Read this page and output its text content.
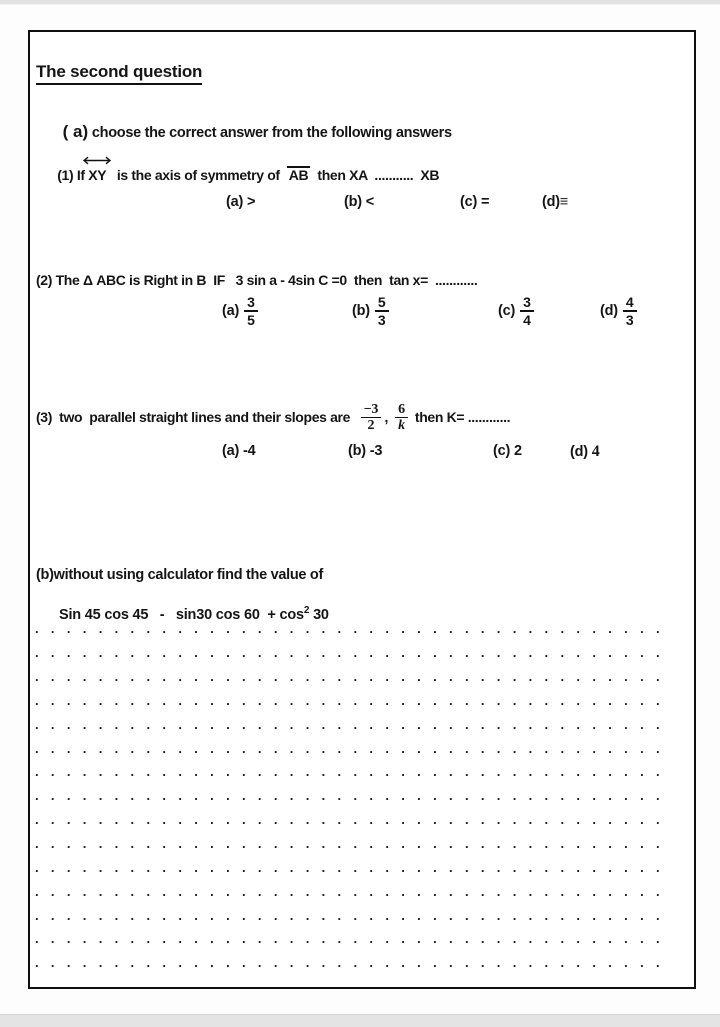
The second question

( a) choose the correct answer from the following answers

(1) If
XY   is the axis of symmetry of  AB  then XA  ...........  XB

(a) >	(b) <	(c) =	(d)≡
(2) The Δ ABC is Right in B  IF   3 sin a - 4sin C =0  then  tan x=  ............
$(a) \frac{3}{5}$	$(b) \frac{5}{3}$	$(c) \frac{3}{4}$	$(d) \frac{4}{3}$
(3)  two  parallel straight lines and their slopes are $\frac{-3}{2}$ , $\frac{6}{k}$ then K= ............
(a) -4	(b) -3	(c) 2	(d) 4
(b)without using calculator find the value of

Sin 45 cos 45   -   sin30 $\cos 60 + \cos^2 30$

. . . . . . . . . . . . . . . . . . . . . . . . . . . . . . . . . . . . . . . .
. . . . . . . . . . . . . . . . . . . . . . . . . . . . . . . . . . . . . . . .
. . . . . . . . . . . . . . . . . . . . . . . . . . . . . . . . . . . . . . . .
. . . . . . . . . . . . . . . . . . . . . . . . . . . . . . . . . . . . . . . .
. . . . . . . . . . . . . . . . . . . . . . . . . . . . . . . . . . . . . . . .
. . . . . . . . . . . . . . . . . . . . . . . . . . . . . . . . . . . . . . . .
. . . . . . . . . . . . . . . . . . . . . . . . . . . . . . . . . . . . . . . .
. . . . . . . . . . . . . . . . . . . . . . . . . . . . . . . . . . . . . . . .
. . . . . . . . . . . . . . . . . . . . . . . . . . . . . . . . . . . . . . . .
. . . . . . . . . . . . . . . . . . . . . . . . . . . . . . . . . . . . . . . .
. . . . . . . . . . . . . . . . . . . . . . . . . . . . . . . . . . . . . . . .
. . . . . . . . . . . . . . . . . . . . . . . . . . . . . . . . . . . . . . . .
. . . . . . . . . . . . . . . . . . . . . . . . . . . . . . . . . . . . . . . .
. . . . . . . . . . . . . . . . . . . . . . . . . . . . . . . . . . . . . . . .
. . . . . . . . . . . . . . . . . . . . . . . . . . . . . . . . . . . . . . . .
